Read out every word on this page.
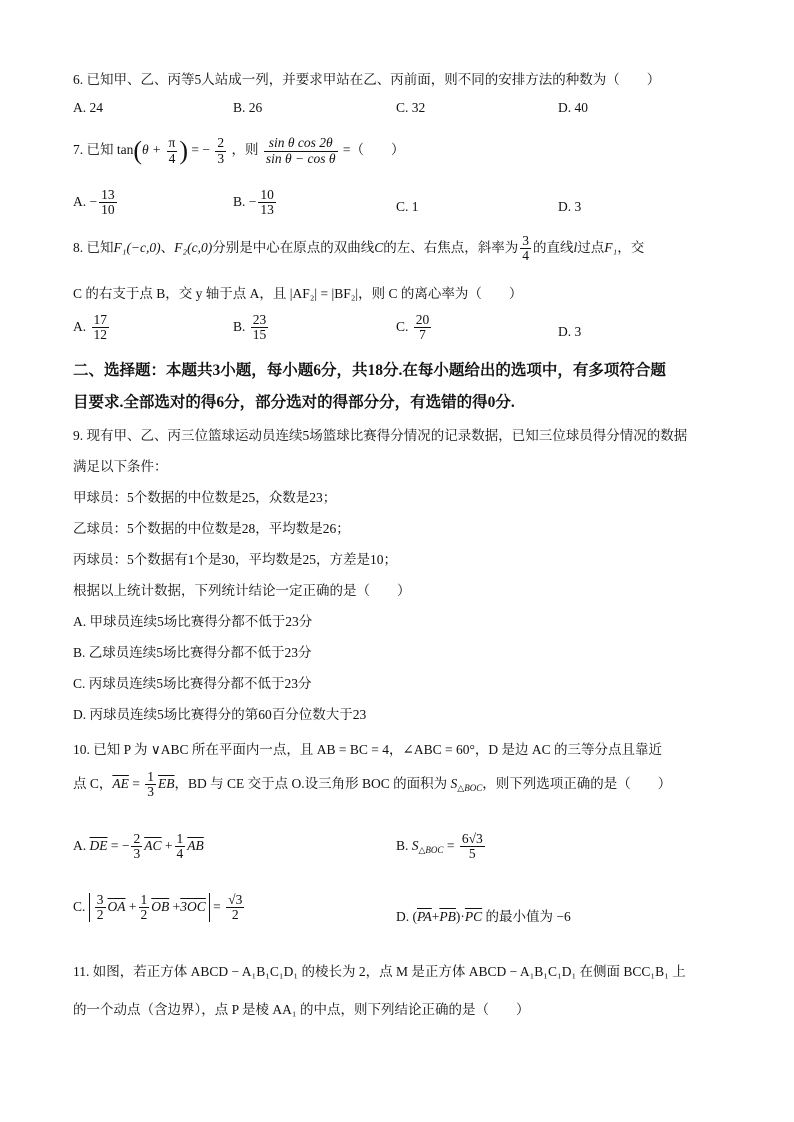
6. 已知甲、乙、丙等5人站成一列，并要求甲站在乙、丙前面，则不同的安排方法的种数为（　　）
A. 24	B. 26	C. 32	D. 40
7. 已知 $\tan(\theta + \frac{\pi}{4}$ ) = − $\frac{2}{3}$ ，则 $\frac{\text{sin θ cos 2θ}}{\text{sin θ − cos θ}}$ =（　　）
A. − $\frac{13}{10}$	B. − $\frac{10}{13}$	C. 1	D. 3
8. 已知F₁(−c,0)、F₂(c,0)分别是中心在原点的双曲线C的左、右焦点，斜率为 $\frac{3}{4}$ 的直线l过点F₁，交
C 的右支于点 B，交 y 轴于点 A，且 |AF₂| = |BF₂|，则 C 的离心率为（　　）
A. $\frac{17}{12}$	B. $\frac{23}{15}$	C. $\frac{20}{7}$	D. 3
二、选择题：本题共3小题，每小题6分，共18分.在每小题给出的选项中，有多项符合题
目要求.全部选对的得6分，部分选对的得部分分，有选错的得0分.
9. 现有甲、乙、丙三位篮球运动员连续5场篮球比赛得分情况的记录数据，已知三位球员得分情况的数据
满足以下条件：
甲球员：5个数据的中位数是25，众数是23；
乙球员：5个数据的中位数是28，平均数是26；
丙球员：5个数据有1个是30，平均数是25，方差是10；
根据以上统计数据，下列统计结论一定正确的是（　　）
A. 甲球员连续5场比赛得分都不低于23分
B. 乙球员连续5场比赛得分都不低于23分
C. 丙球员连续5场比赛得分都不低于23分
D. 丙球员连续5场比赛得分的第60百分位数大于23
10. 已知 P 为 ∨ABC 所在平面内一点，且 AB = BC = 4，∠ABC = 60°，D 是边 AC 的三等分点且靠近
点 C，$\overline{AE} = \frac{1}{3} \overline{EB}$，BD 与 CE 交于点 O.设三角形 BOC 的面积为 $S_{\triangle BOC}$，则下列选项正确的是（　　）
A. $\overline{DE}$ = − $\frac{2}{3} \overline{AC} + \frac{1}{4} \overline{AB}$	B. $S_{\triangle BOC} = \frac{6√3}{5}$
C. $\frac{3}{2} \overline{OA} + \frac{1}{2} \overline{OB} +3OC = \frac{√3}{2}$	D. $(\overline{PA}+\overline{PB})\cdot\overline{PC}$ 的最小值为 −6
11. 如图，若正方体 ABCD − A₁B₁C₁D₁ 的棱长为 2，点 M 是正方体 ABCD − A₁B₁C₁D₁ 在侧面 BCC₁B₁ 上
的一个动点（含边界），点 P 是棱 AA₁ 的中点，则下列结论正确的是（　　）
